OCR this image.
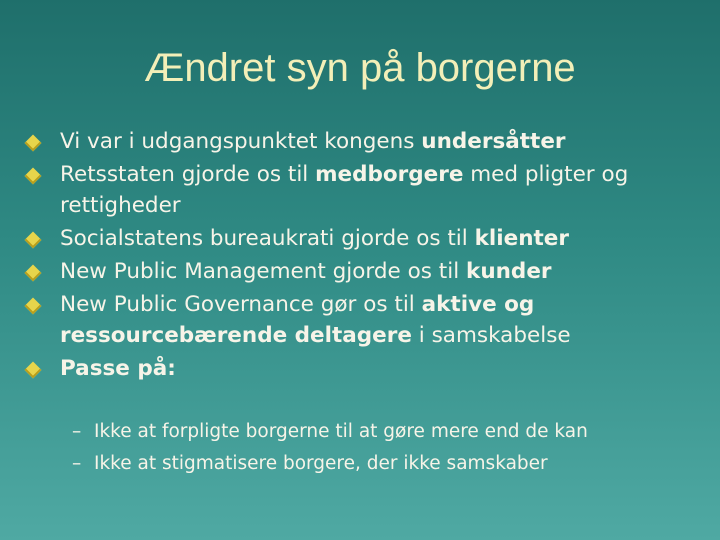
Ændret syn på borgerne
Vi var i udgangspunktet kongens undersåtter
Retsstaten gjorde os til medborgere med pligter og rettigheder
Socialstatens bureaukrati gjorde os til klienter
New Public Management gjorde os til kunder
New Public Governance gør os til aktive og ressourcebærende deltagere i samskabelse
Passe på:
– Ikke at forpligte borgerne til at gøre mere end de kan
– Ikke at stigmatisere borgere, der ikke samskaber
